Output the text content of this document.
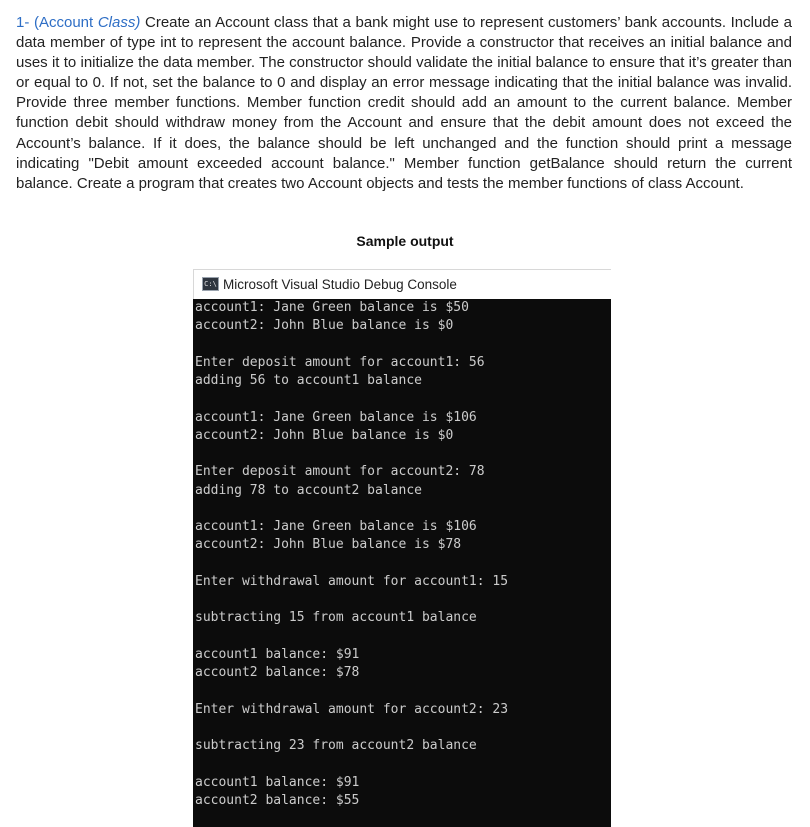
1- (Account Class) Create an Account class that a bank might use to represent customers’ bank accounts. Include a data member of type int to represent the account balance. Provide a constructor that receives an initial balance and uses it to initialize the data member. The constructor should validate the initial balance to ensure that it’s greater than or equal to 0. If not, set the balance to 0 and display an error message indicating that the initial balance was invalid. Provide three member functions. Member function credit should add an amount to the current balance. Member function debit should withdraw money from the Account and ensure that the debit amount does not exceed the Account’s balance. If it does, the balance should be left unchanged and the function should print a message indicating "Debit amount exceeded account balance." Member function getBalance should return the current balance. Create a program that creates two Account objects and tests the member functions of class Account.

Sample output
C:\ Microsoft Visual Studio Debug Console
account1: Jane Green balance is $50
account2: John Blue balance is $0
Enter deposit amount for account1: 56
adding 56 to account1 balance
account1: Jane Green balance is $106
account2: John Blue balance is $0
Enter deposit amount for account2: 78
adding 78 to account2 balance
account1: Jane Green balance is $106
account2: John Blue balance is $78
Enter withdrawal amount for account1: 15
subtracting 15 from account1 balance
account1 balance: $91
account2 balance: $78
Enter withdrawal amount for account2: 23
subtracting 23 from account2 balance
account1 balance: $91
account2 balance: $55
